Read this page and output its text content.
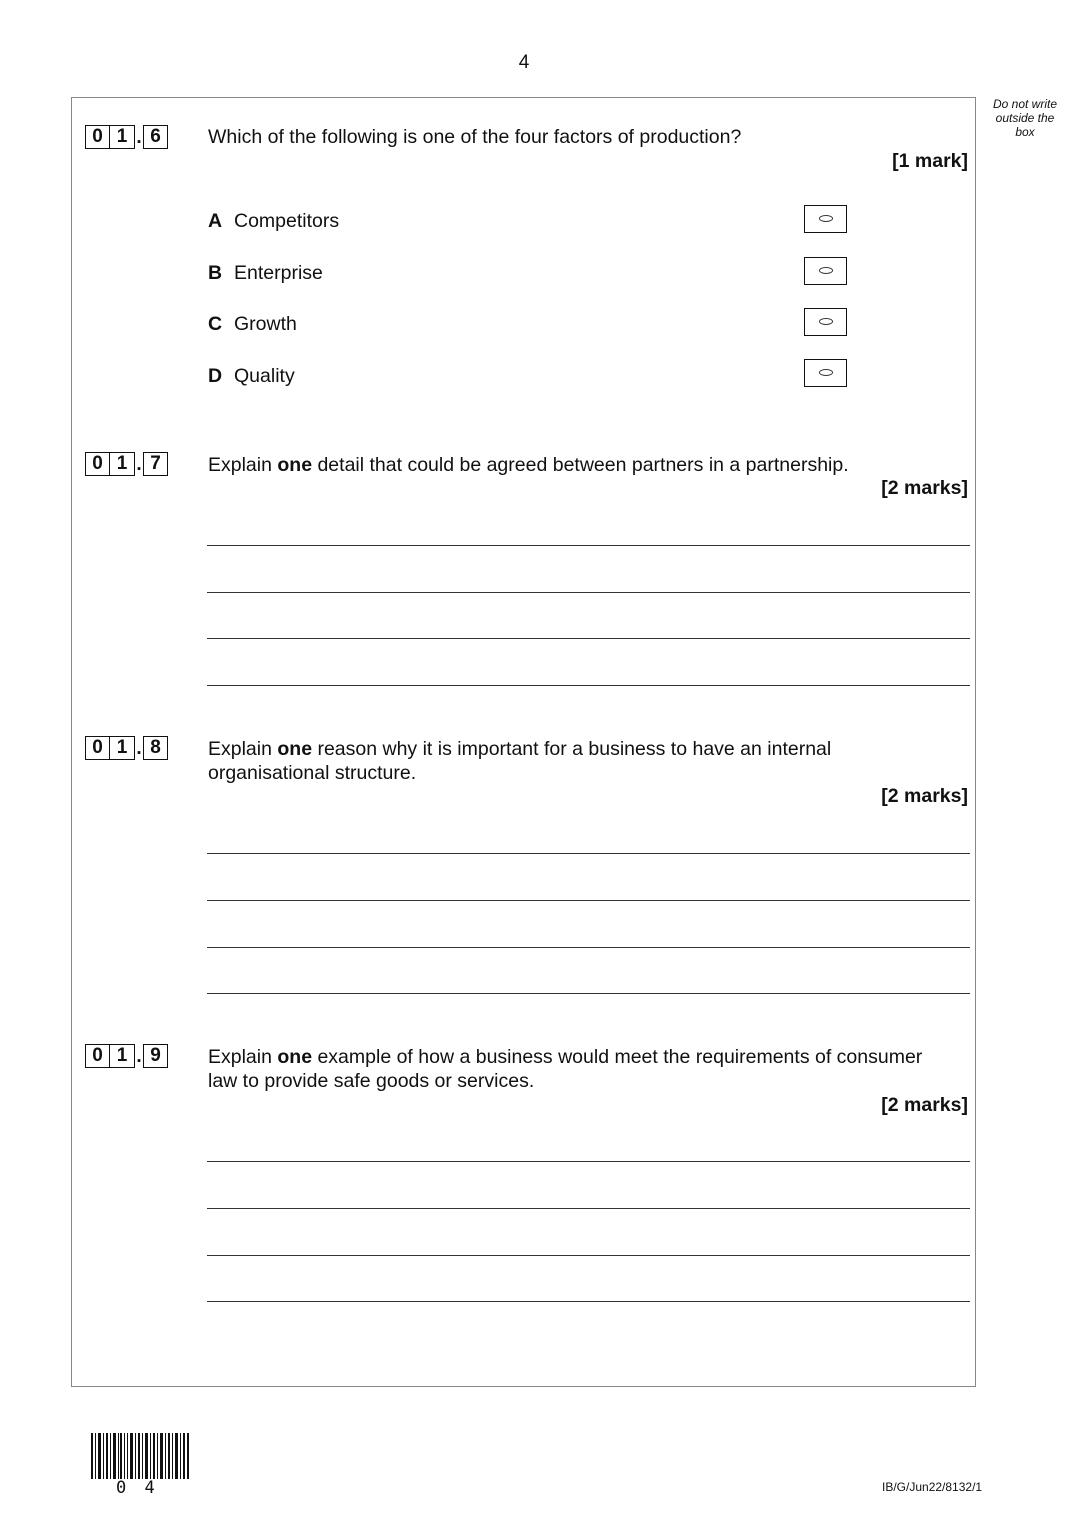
4
Do not write outside the box
0 1 . 6	Which of the following is one of the four factors of production?
[1 mark]
A Competitors
B Enterprise
C Growth
D Quality
0 1 . 7	Explain one detail that could be agreed between partners in a partnership.
[2 marks]
0 1 . 8	Explain one reason why it is important for a business to have an internal organisational structure.
[2 marks]
0 1 . 9	Explain one example of how a business would meet the requirements of consumer law to provide safe goods or services.
[2 marks]
0 4	IB/G/Jun22/8132/1
